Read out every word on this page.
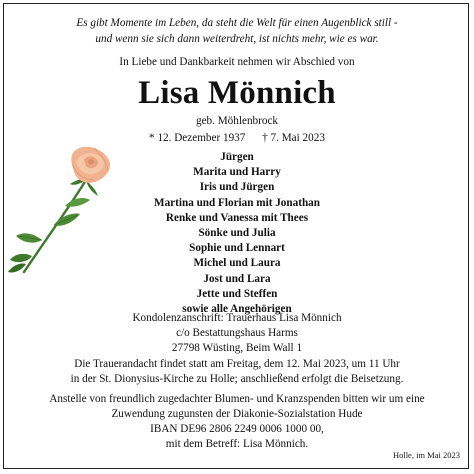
Es gibt Momente im Leben, da steht die Welt für einen Augenblick still -
und wenn sie sich dann weiterdreht, ist nichts mehr, wie es war.
In Liebe und Dankbarkeit nehmen wir Abschied von
Lisa Mönnich
geb. Möhlenbrock
* 12. Dezember 1937 † 7. Mai 2023
Jürgen
Marita und Harry
Iris und Jürgen
Martina und Florian mit Jonathan
Renke und Vanessa mit Thees
Sönke und Julia
Sophie und Lennart
Michel und Laura
Jost und Lara
Jette und Steffen
sowie alle Angehörigen
Kondolenzanschrift: Trauerhaus Lisa Mönnich
c/o Bestattungshaus Harms
27798 Wüsting, Beim Wall 1
Die Trauerandacht findet statt am Freitag, dem 12. Mai 2023, um 11 Uhr
in der St. Dionysius-Kirche zu Holle; anschließend erfolgt die Beisetzung.
Anstelle von freundlich zugedachter Blumen- und Kranzspenden bitten wir um eine
Zuwendung zugunsten der Diakonie-Sozialstation Hude
IBAN DE96 2806 2249 0006 1000 00,
mit dem Betreff: Lisa Mönnich.
Holle, im Mai 2023
